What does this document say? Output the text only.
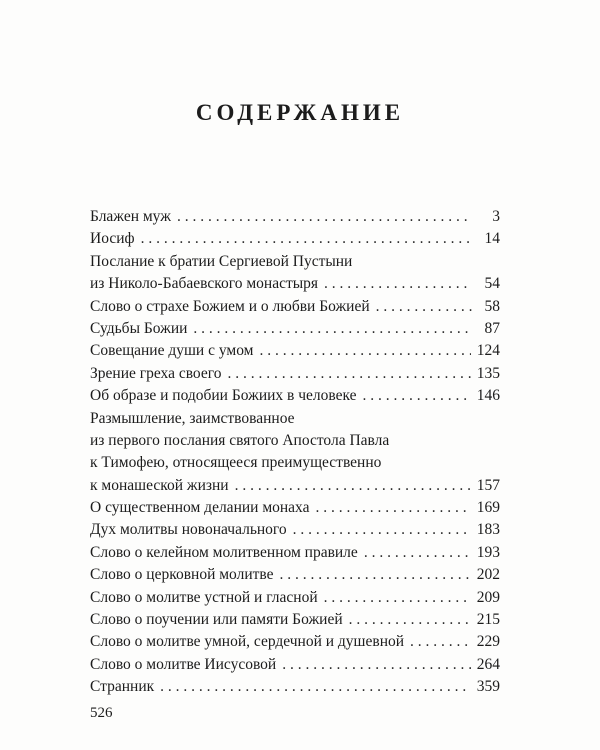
СОДЕРЖАНИЕ
Блажен муж . . .	3
Иосиф . . .	14
Послание к братии Сергиевой Пустыни
из Николо-Бабаевского монастыря . . .	54
Слово о страхе Божием и о любви Божией . . .	58
Судьбы Божии . . .	87
Совещание души с умом . . .	124
Зрение греха своего . . .	135
Об образе и подобии Божиих в человеке . . .	146
Размышление, заимствованное
из первого послания святого Апостола Павла
к Тимофею, относящееся преимущественно
к монашеской жизни . . .	157
О существенном делании монаха . . .	169
Дух молитвы новоначального . . .	183
Слово о келейном молитвенном правиле . . .	193
Слово о церковной молитве . . .	202
Слово о молитве устной и гласной . . .	209
Слово о поучении или памяти Божией . . .	215
Слово о молитве умной, сердечной и душевной . . .	229
Слово о молитве Иисусовой . . .	264
Странник . . .	359
526
